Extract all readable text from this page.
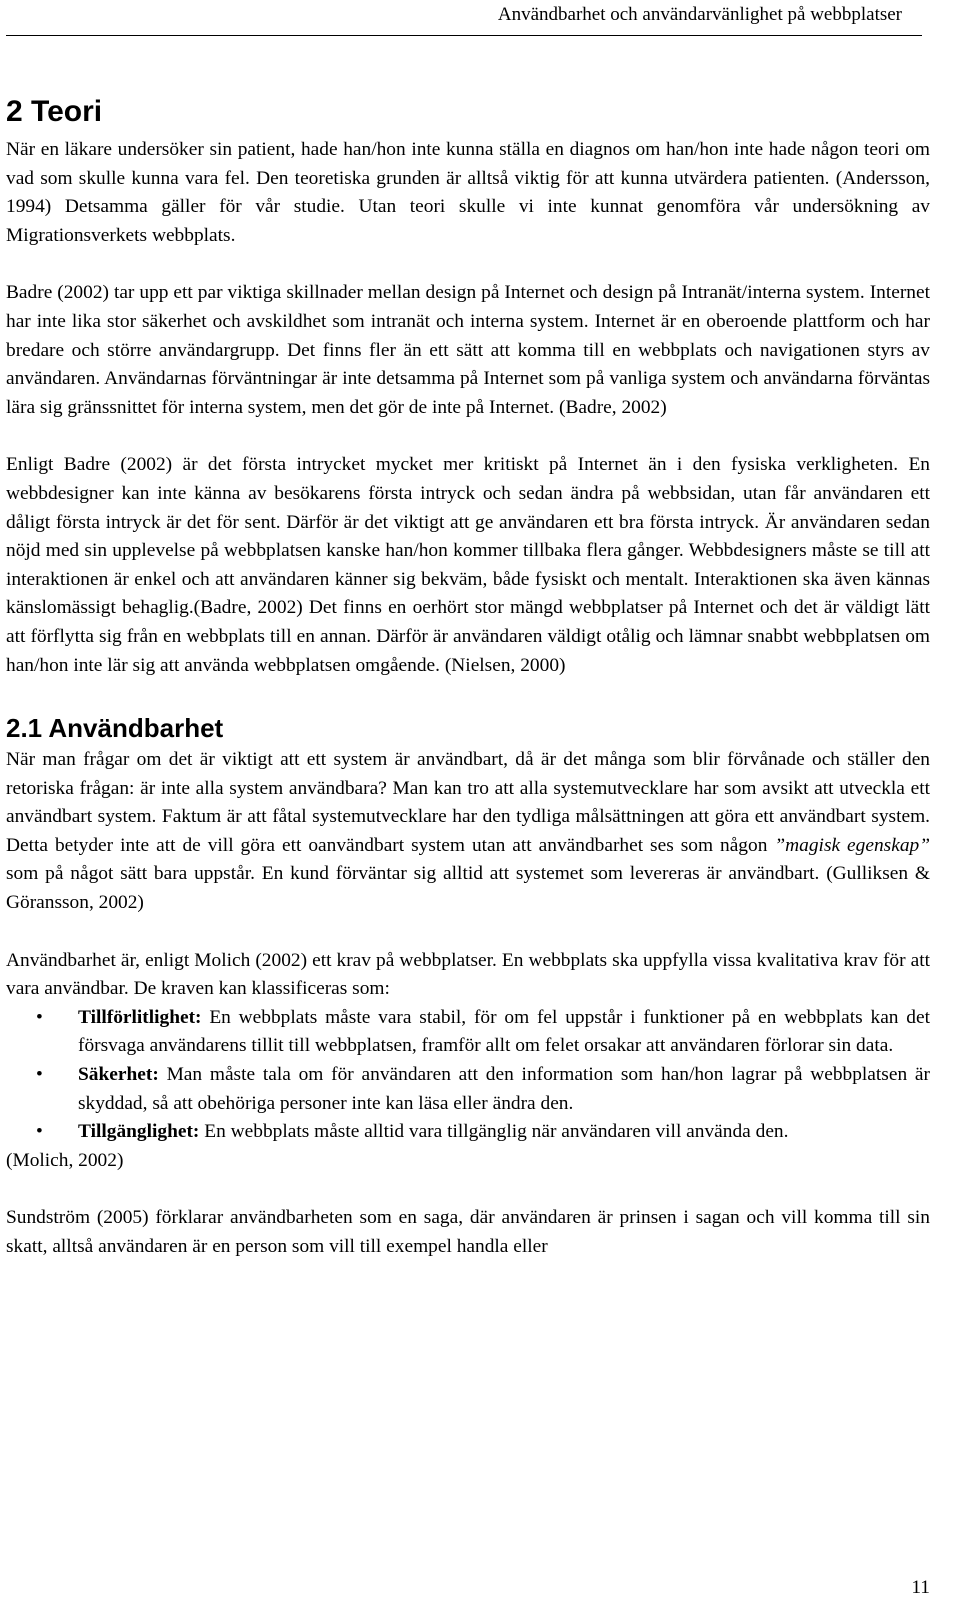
Användbarhet och användarvänlighet på webbplatser
2 Teori

När en läkare undersöker sin patient, hade han/hon inte kunna ställa en diagnos om han/hon inte hade någon teori om vad som skulle kunna vara fel. Den teoretiska grunden är alltså viktig för att kunna utvärdera patienten. (Andersson, 1994) Detsamma gäller för vår studie. Utan teori skulle vi inte kunnat genomföra vår undersökning av Migrationsverkets webbplats.

Badre (2002) tar upp ett par viktiga skillnader mellan design på Internet och design på Intranät/interna system. Internet har inte lika stor säkerhet och avskildhet som intranät och interna system. Internet är en oberoende plattform och har bredare och större användargrupp. Det finns fler än ett sätt att komma till en webbplats och navigationen styrs av användaren. Användarnas förväntningar är inte detsamma på Internet som på vanliga system och användarna förväntas lära sig gränssnittet för interna system, men det gör de inte på Internet. (Badre, 2002)

Enligt Badre (2002) är det första intrycket mycket mer kritiskt på Internet än i den fysiska verkligheten. En webbdesigner kan inte känna av besökarens första intryck och sedan ändra på webbsidan, utan får användaren ett dåligt första intryck är det för sent. Därför är det viktigt att ge användaren ett bra första intryck. Är användaren sedan nöjd med sin upplevelse på webbplatsen kanske han/hon kommer tillbaka flera gånger. Webbdesigners måste se till att interaktionen är enkel och att användaren känner sig bekväm, både fysiskt och mentalt. Interaktionen ska även kännas känslomässigt behaglig.(Badre, 2002) Det finns en oerhört stor mängd webbplatser på Internet och det är väldigt lätt att förflytta sig från en webbplats till en annan. Därför är användaren väldigt otålig och lämnar snabbt webbplatsen om han/hon inte lär sig att använda webbplatsen omgående. (Nielsen, 2000)

2.1 Användbarhet

När man frågar om det är viktigt att ett system är användbart, då är det många som blir förvånade och ställer den retoriska frågan: är inte alla system användbara? Man kan tro att alla systemutvecklare har som avsikt att utveckla ett användbart system. Faktum är att fåtal systemutvecklare har den tydliga målsättningen att göra ett användbart system. Detta betyder inte att de vill göra ett oanvändbart system utan att användbarhet ses som någon ”magisk egenskap” som på något sätt bara uppstår. En kund förväntar sig alltid att systemet som levereras är användbart. (Gulliksen & Göransson, 2002)

Användbarhet är, enligt Molich (2002) ett krav på webbplatser. En webbplats ska uppfylla vissa kvalitativa krav för att vara användbar. De kraven kan klassificeras som:

• Tillförlitlighet: En webbplats måste vara stabil, för om fel uppstår i funktioner på en webbplats kan det försvaga användarens tillit till webbplatsen, framför allt om felet orsakar att användaren förlorar sin data.
• Säkerhet: Man måste tala om för användaren att den information som han/hon lagrar på webbplatsen är skyddad, så att obehöriga personer inte kan läsa eller ändra den.
• Tillgänglighet: En webbplats måste alltid vara tillgänglig när användaren vill använda den.

(Molich, 2002)

Sundström (2005) förklarar användbarheten som en saga, där användaren är prinsen i sagan och vill komma till sin skatt, alltså användaren är en person som vill till exempel handla eller

11
